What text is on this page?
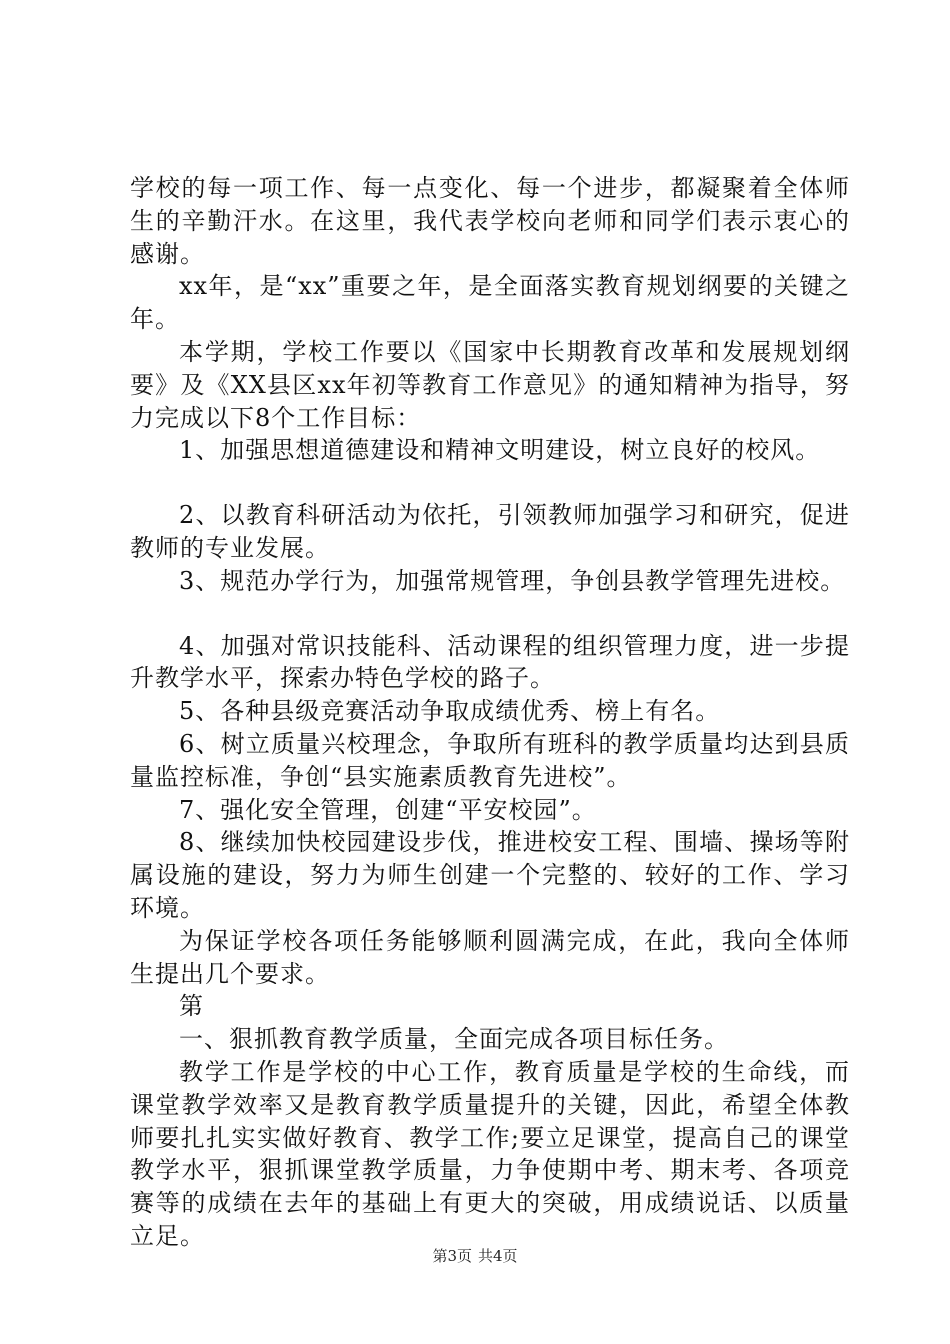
学校的每一项工作、每一点变化、每一个进步，都凝聚着全体师生的辛勤汗水。在这里，我代表学校向老师和同学们表示衷心的感谢。

xx年，是“xx”重要之年，是全面落实教育规划纲要的关键之年。

本学期，学校工作要以《国家中长期教育改革和发展规划纲要》及《XX县区xx年初等教育工作意见》的通知精神为指导，努力完成以下8个工作目标：

1、加强思想道德建设和精神文明建设，树立良好的校风。

2、以教育科研活动为依托，引领教师加强学习和研究，促进教师的专业发展。

3、规范办学行为，加强常规管理，争创县教学管理先进校。

4、加强对常识技能科、活动课程的组织管理力度，进一步提升教学水平，探索办特色学校的路子。

5、各种县级竞赛活动争取成绩优秀、榜上有名。

6、树立质量兴校理念，争取所有班科的教学质量均达到县质量监控标准，争创“县实施素质教育先进校”。

7、强化安全管理，创建“平安校园”。

8、继续加快校园建设步伐，推进校安工程、围墙、操场等附属设施的建设，努力为师生创建一个完整的、较好的工作、学习环境。

为保证学校各项任务能够顺利圆满完成，在此，我向全体师生提出几个要求。

第

一、狠抓教育教学质量，全面完成各项目标任务。

教学工作是学校的中心工作，教育质量是学校的生命线，而课堂教学效率又是教育教学质量提升的关键，因此，希望全体教师要扎扎实实做好教育、教学工作;要立足课堂，提高自己的课堂教学水平，狠抓课堂教学质量，力争使期中考、期末考、各项竞赛等的成绩在去年的基础上有更大的突破，用成绩说话、以质量立足。

第3页 共4页
